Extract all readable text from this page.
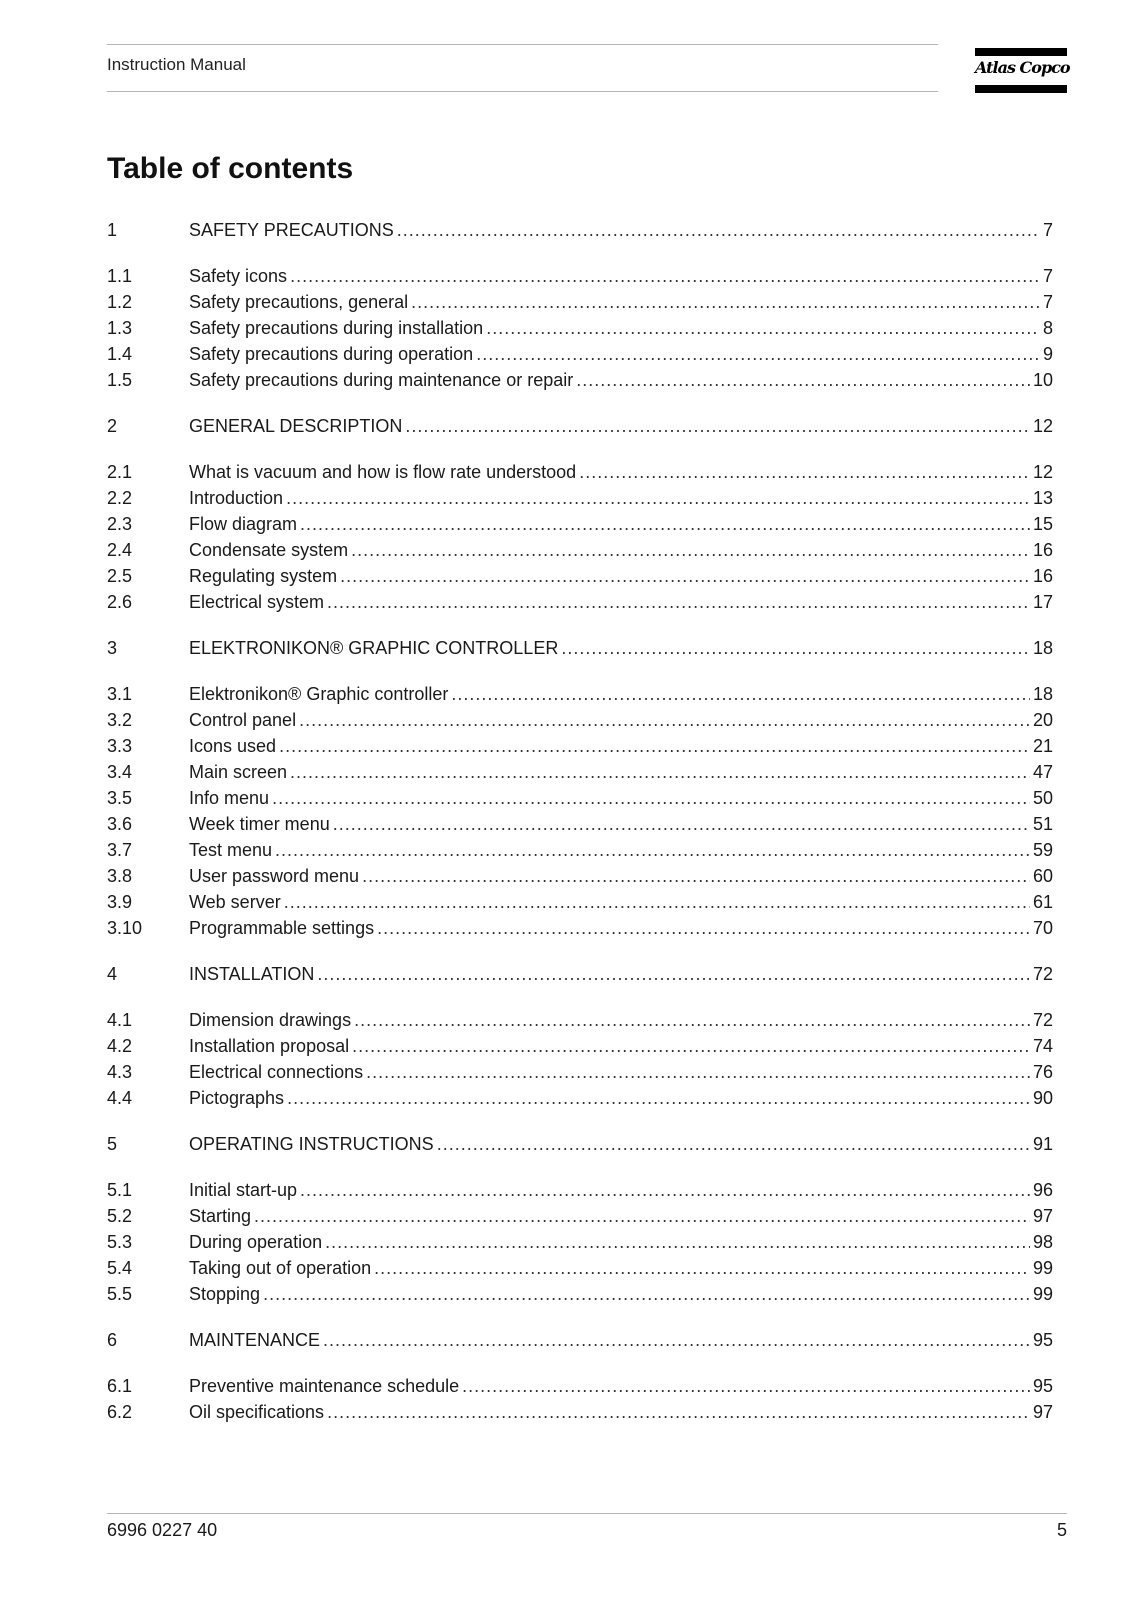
Instruction Manual	Atlas Copco
Table of contents
1	SAFETY PRECAUTIONS . . .	7
1.1	Safety icons . . .	7
1.2	Safety precautions, general . . .	7
1.3	Safety precautions during installation . . .	8
1.4	Safety precautions during operation . . .	9
1.5	Safety precautions during maintenance or repair . . .	10
2	GENERAL DESCRIPTION . . .	12
2.1	What is vacuum and how is flow rate understood . . .	12
2.2	Introduction . . .	13
2.3	Flow diagram . . .	15
2.4	Condensate system . . .	16
2.5	Regulating system . . .	16
2.6	Electrical system . . .	17
3	ELEKTRONIKON® GRAPHIC CONTROLLER . . .	18
3.1	Elektronikon® Graphic controller . . .	18
3.2	Control panel . . .	20
3.3	Icons used . . .	21
3.4	Main screen . . .	47
3.5	Info menu . . .	50
3.6	Week timer menu . . .	51
3.7	Test menu . . .	59
3.8	User password menu . . .	60
3.9	Web server . . .	61
3.10	Programmable settings . . .	70
4	INSTALLATION . . .	72
4.1	Dimension drawings . . .	72
4.2	Installation proposal . . .	74
4.3	Electrical connections . . .	76
4.4	Pictographs . . .	90
5	OPERATING INSTRUCTIONS . . .	91
5.1	Initial start-up . . .	96
5.2	Starting . . .	97
5.3	During operation . . .	98
5.4	Taking out of operation . . .	99
5.5	Stopping . . .	99
6	MAINTENANCE . . .	95
6.1	Preventive maintenance schedule . . .	95
6.2	Oil specifications . . .	97
6996 0227 40	5
